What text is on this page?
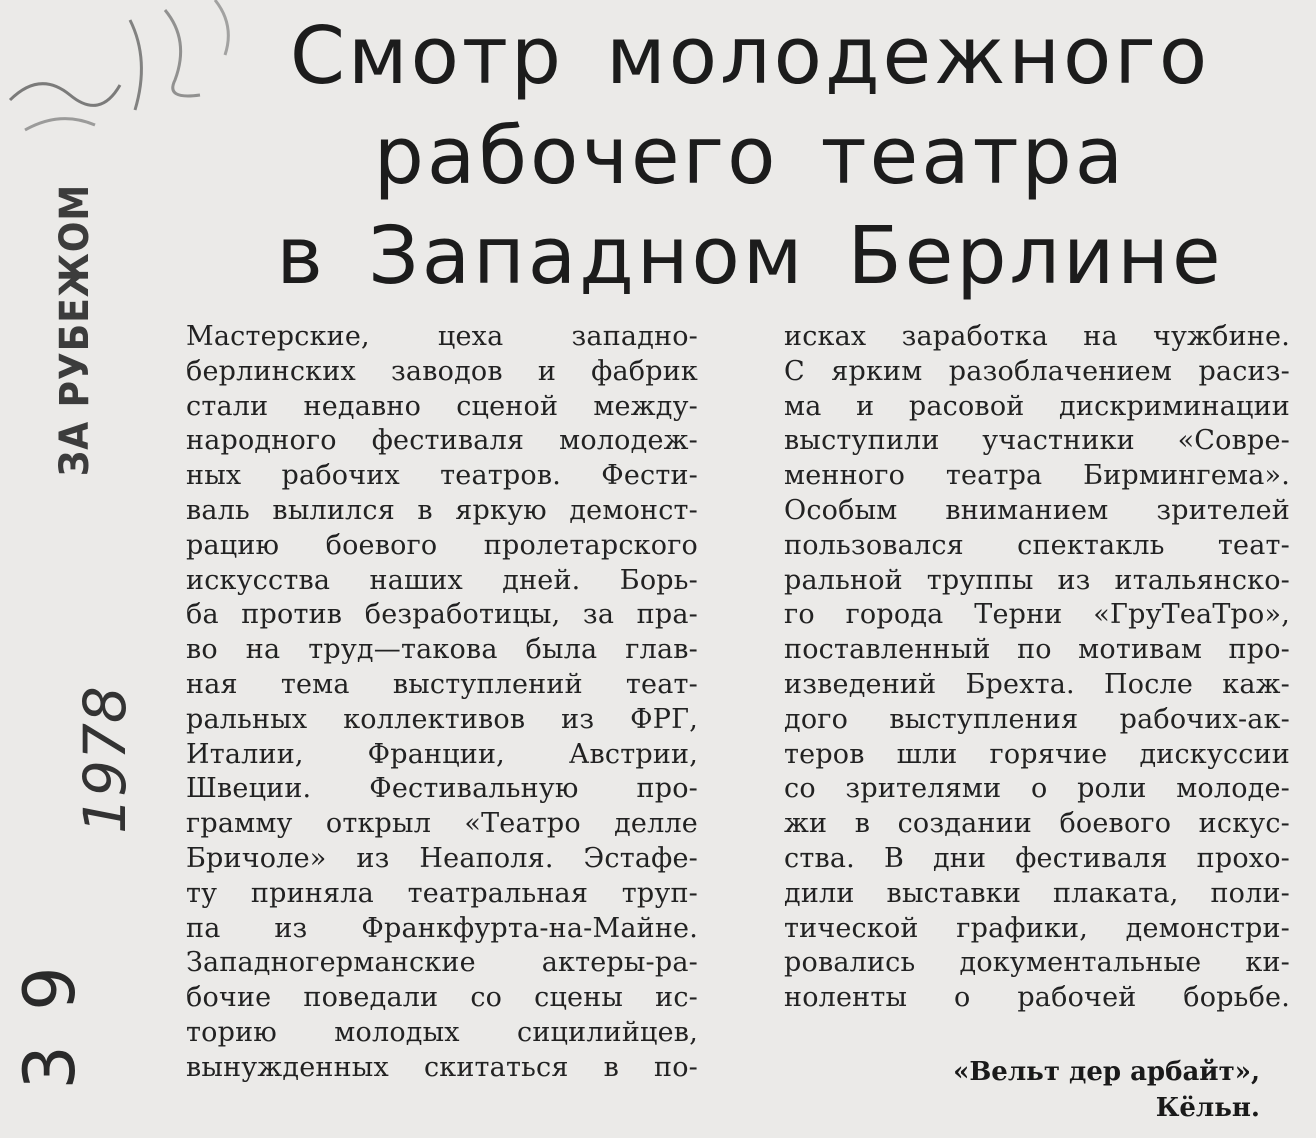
ЗА РУБЕЖОМ
1978
3 9
Смотр молодежного
рабочего театра
в Западном Берлине

Мастерские, цеха западно-
берлинских заводов и фабрик
стали недавно сценой между-
народного фестиваля молодеж-
ных рабочих театров. Фести-
валь вылился в яркую демонст-
рацию боевого пролетарского
искусства наших дней. Борь-
ба против безработицы, за пра-
во на труд—такова была глав-
ная тема выступлений теат-
ральных коллективов из ФРГ,
Италии, Франции, Австрии,
Швеции. Фестивальную про-
грамму открыл «Театро делле
Бричоле» из Неаполя. Эстафе-
ту приняла театральная труп-
па из Франкфурта-на-Майне.
Западногерманские актеры-ра-
бочие поведали со сцены ис-
торию молодых сицилийцев,
вынужденных скитаться в по-

исках заработка на чужбине.
С ярким разоблачением расиз-
ма и расовой дискриминации
выступили участники «Совре-
менного театра Бирмингема».
Особым вниманием зрителей
пользовался спектакль теат-
ральной труппы из итальянско-
го города Терни «ГруТеаТро»,
поставленный по мотивам про-
изведений Брехта. После каж-
дого выступления рабочих-ак-
теров шли горячие дискуссии
со зрителями о роли молоде-
жи в создании боевого искус-
ства. В дни фестиваля прохо-
дили выставки плаката, поли-
тической графики, демонстри-
ровались документальные ки-
ноленты о рабочей борьбе.

«Вельт дер арбайт»,
Кёльн.
